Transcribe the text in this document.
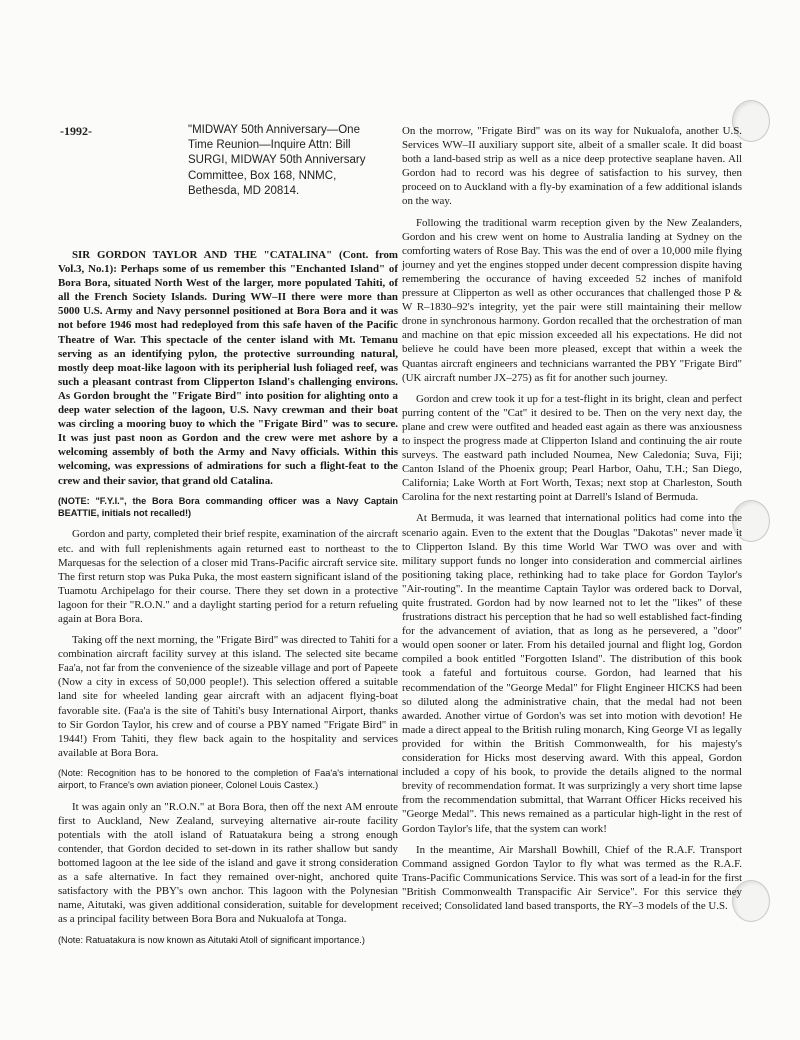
-1992-	"MIDWAY 50th Anniversary—One
Time Reunion—Inquire Attn: Bill
SURGI, MIDWAY 50th Anniversary
Committee, Box 168, NNMC,
Bethesda, MD 20814.

SIR GORDON TAYLOR AND THE "CATALINA" (Cont. from Vol.3, No.1): Perhaps some of us remember this "Enchanted Island" of Bora Bora, situated North West of the larger, more populated Tahiti, of all the French Society Islands. During WW–II there were more than 5000 U.S. Army and Navy personnel positioned at Bora Bora and it was not before 1946 most had redeployed from this safe haven of the Pacific Theatre of War. This spectacle of the center island with Mt. Temanu serving as an identifying pylon, the protective surrounding natural, mostly deep moat-like lagoon with its peripherial lush foliaged reef, was such a pleasant contrast from Clipperton Island's challenging environs. As Gordon brought the "Frigate Bird" into position for alighting onto a deep water selection of the lagoon, U.S. Navy crewman and their boat was circling a mooring buoy to which the "Frigate Bird" was to secure. It was just past noon as Gordon and the crew were met ashore by a welcoming assembly of both the Army and Navy officials. Within this welcoming, was expressions of admirations for such a flight-feat to the crew and their savior, that grand old Catalina.

(NOTE: "F.Y.I.", the Bora Bora commanding officer was a Navy Captain BEATTIE, initials not recalled!)

Gordon and party, completed their brief respite, examination of the aircraft etc. and with full replenishments again returned east to northeast to the Marquesas for the selection of a closer mid Trans-Pacific aircraft service site. The first return stop was Puka Puka, the most eastern significant island of the Tuamotu Archipelago for their course. There they set down in a protective lagoon for their "R.O.N." and a daylight starting period for a return refueling again at Bora Bora.

Taking off the next morning, the "Frigate Bird" was directed to Tahiti for a combination aircraft facility survey at this island. The selected site became Faa'a, not far from the convenience of the sizeable village and port of Papeete (Now a city in excess of 50,000 people!). This selection offered a suitable land site for wheeled landing gear aircraft with an adjacent flying-boat favorable site. (Faa'a is the site of Tahiti's busy International Airport, thanks to Sir Gordon Taylor, his crew and of course a PBY named "Frigate Bird" in 1944!) From Tahiti, they flew back again to the hospitality and services available at Bora Bora.

(Note: Recognition has to be honored to the completion of Faa'a's international airport, to France's own aviation pioneer, Colonel Louis Castex.)

It was again only an "R.O.N." at Bora Bora, then off the next AM enroute first to Auckland, New Zealand, surveying alternative air-route facility potentials with the atoll island of Ratuatakura being a strong enough contender, that Gordon decided to set-down in its rather shallow but sandy bottomed lagoon at the lee side of the island and gave it strong consideration as a safe alternative. In fact they remained over-night, anchored quite satisfactory with the PBY's own anchor. This lagoon with the Polynesian name, Aitutaki, was given additional consideration, suitable for development as a principal facility between Bora Bora and Nukualofa at Tonga.

(Note: Ratuatakura is now known as Aitutaki Atoll of significant importance.)

On the morrow, "Frigate Bird" was on its way for Nukualofa, another U.S. Services WW–II auxiliary support site, albeit of a smaller scale. It did boast both a land-based strip as well as a nice deep protective seaplane haven. All Gordon had to record was his degree of satisfaction to his survey, then proceed on to Auckland with a fly-by examination of a few additional islands on the way.

Following the traditional warm reception given by the New Zealanders, Gordon and his crew went on home to Australia landing at Sydney on the comforting waters of Rose Bay. This was the end of over a 10,000 mile flying journey and yet the engines stopped under decent compression dispite having remembering the occurance of having exceeded 52 inches of manifold pressure at Clipperton as well as other occurances that challenged those P & W R–1830–92's integrity, yet the pair were still maintaining their mellow drone in synchronous harmony. Gordon recalled that the orchestration of man and machine on that epic mission exceeded all his expectations. He did not believe he could have been more pleased, except that within a week the Quantas aircraft engineers and technicians warranted the PBY "Frigate Bird" (UK aircraft number JX–275) as fit for another such journey.

Gordon and crew took it up for a test-flight in its bright, clean and perfect purring content of the "Cat" it desired to be. Then on the very next day, the plane and crew were outfited and headed east again as there was anxiousness to inspect the progress made at Clipperton Island and continuing the air route surveys. The eastward path included Noumea, New Caledonia; Suva, Fiji; Canton Island of the Phoenix group; Pearl Harbor, Oahu, T.H.; San Diego, California; Lake Worth at Fort Worth, Texas; next stop at Charleston, South Carolina for the next restarting point at Darrell's Island of Bermuda.

At Bermuda, it was learned that international politics had come into the scenario again. Even to the extent that the Douglas "Dakotas" never made it to Clipperton Island. By this time World War TWO was over and with military support funds no longer into consideration and commercial airlines positioning taking place, rethinking had to take place for Gordon Taylor's "Air-routing". In the meantime Captain Taylor was ordered back to Dorval, quite frustrated. Gordon had by now learned not to let the "likes" of these frustrations distract his perception that he had so well established fact-finding for the advancement of aviation, that as long as he persevered, a "door" would open sooner or later. From his detailed journal and flight log, Gordon compiled a book entitled "Forgotten Island". The distribution of this book took a fateful and fortuitous course. Gordon, had learned that his recommendation of the "George Medal" for Flight Engineer HICKS had been so diluted along the administrative chain, that the medal had not been awarded. Another virtue of Gordon's was set into motion with devotion! He made a direct appeal to the British ruling monarch, King George VI as legally provided for within the British Commonwealth, for his majesty's consideration for Hicks most deserving award. With this appeal, Gordon included a copy of his book, to provide the details aligned to the normal brevity of recommendation format. It was surprizingly a very short time lapse from the recommendation submittal, that Warrant Officer Hicks received his "George Medal". This news remained as a particular high-light in the rest of Gordon Taylor's life, that the system can work!

In the meantime, Air Marshall Bowhill, Chief of the R.A.F. Transport Command assigned Gordon Taylor to fly what was termed as the R.A.F. Trans-Pacific Communications Service. This was sort of a lead-in for the first "British Commonwealth Transpacific Air Service". For this service they received; Consolidated land based transports, the RY–3 models of the U.S.
